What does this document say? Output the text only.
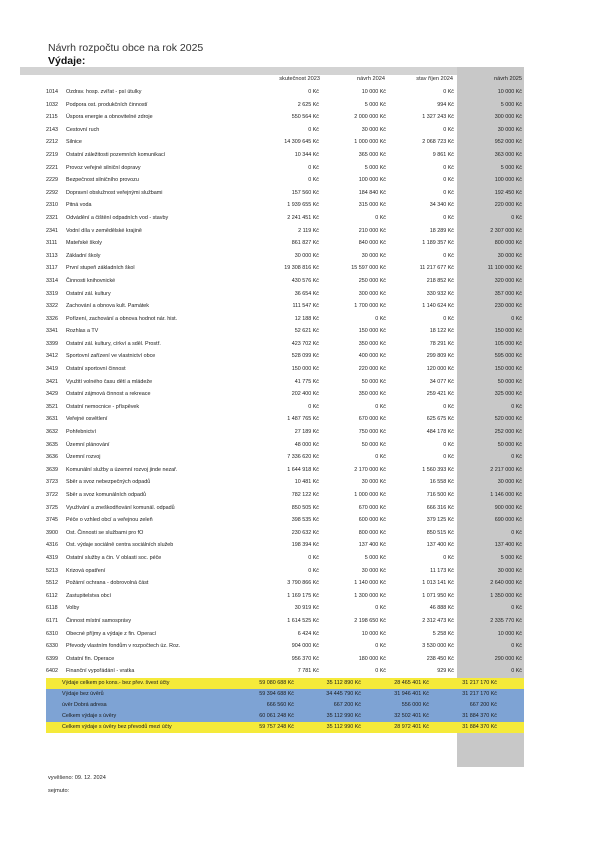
Návrh rozpočtu obce na rok 2025
Výdaje:
skutečnost 2023	návrh 2024	stav říjen 2024	návrh 2025
1014	Ozdrav. hosp. zvířat - psí útulky	0 Kč	10 000 Kč	0 Kč	10 000 Kč
1032	Podpora ost. produkčních činností	2 625 Kč	5 000 Kč	994 Kč	5 000 Kč
2115	Úspora energie a obnovitelné zdroje	550 564 Kč	2 000 000 Kč	1 327 243 Kč	300 000 Kč
2143	Cestovní ruch	0 Kč	30 000 Kč	0 Kč	30 000 Kč
2212	Silnice	14 309 645 Kč	1 000 000 Kč	2 068 723 Kč	952 000 Kč
2219	Ostatní záležitosti pozemních komunikací	10 344 Kč	365 000 Kč	9 861 Kč	363 000 Kč
2221	Provoz veřejné silniční dopravy	0 Kč	5 000 Kč	0 Kč	5 000 Kč
2229	Bezpečnost silničního provozu	0 Kč	100 000 Kč	0 Kč	100 000 Kč
2292	Dopravní obslužnost veřejnými službami	157 560 Kč	184 840 Kč	0 Kč	192 450 Kč
2310	Pitná voda	1 939 655 Kč	315 000 Kč	34 340 Kč	220 000 Kč
2321	Odvádění a čištění odpadních vod - stavby	2 241 451 Kč	0 Kč	0 Kč	0 Kč
2341	Vodní díla v zemědělské krajině	2 119 Kč	210 000 Kč	18 289 Kč	2 307 000 Kč
3111	Mateřské školy	861 827 Kč	840 000 Kč	1 189 357 Kč	800 000 Kč
3113	Základní školy	30 000 Kč	30 000 Kč	0 Kč	30 000 Kč
3117	První stupeň základních škol	19 308 816 Kč	15 597 000 Kč	11 217 677 Kč	11 100 000 Kč
3314	Činnosti knihovnické	430 576 Kč	250 000 Kč	218 852 Kč	320 000 Kč
3319	Ostatní zál. kultury	36 654 Kč	300 000 Kč	330 932 Kč	357 000 Kč
3322	Zachování a obnova kult. Památek	111 547 Kč	1 700 000 Kč	1 140 624 Kč	230 000 Kč
3326	Pořízení, zachování a obnova hodnot nár. hist.	12 188 Kč	0 Kč	0 Kč	0 Kč
3341	Rozhlas a TV	52 621 Kč	150 000 Kč	18 122 Kč	150 000 Kč
3399	Ostatní zál. kultury, církví a sděl. Prostř.	423 702 Kč	350 000 Kč	78 291 Kč	105 000 Kč
3412	Sportovní zařízení ve vlastnictví obce	528 099 Kč	400 000 Kč	299 809 Kč	595 000 Kč
3419	Ostatní sportovní činnost	150 000 Kč	220 000 Kč	120 000 Kč	150 000 Kč
3421	Využití volného času dětí a mládeže	41 775 Kč	50 000 Kč	34 077 Kč	50 000 Kč
3429	Ostatní zájmová činnost a rekreace	202 400 Kč	350 000 Kč	259 421 Kč	325 000 Kč
3521	Ostatní nemocnice - příspěvek	0 Kč	0 Kč	0 Kč	0 Kč
3631	Veřejné osvětlení	1 487 765 Kč	670 000 Kč	625 675 Kč	520 000 Kč
3632	Pohřebnictví	27 189 Kč	750 000 Kč	484 178 Kč	252 000 Kč
3635	Územní plánování	48 000 Kč	50 000 Kč	0 Kč	50 000 Kč
3636	Územní rozvoj	7 336 620 Kč	0 Kč	0 Kč	0 Kč
3639	Komunální služby a územní rozvoj jinde nezař.	1 644 918 Kč	2 170 000 Kč	1 560 393 Kč	2 217 000 Kč
3723	Sběr a svoz nebezpečných odpadů	10 481 Kč	30 000 Kč	16 558 Kč	30 000 Kč
3722	Sběr a svoz komunálních odpadů	782 122 Kč	1 000 000 Kč	716 500 Kč	1 146 000 Kč
3725	Využívání a zneškodňování komunál. odpadů	850 505 Kč	670 000 Kč	666 316 Kč	900 000 Kč
3745	Péče o vzhled obcí a veřejnou zeleň	398 535 Kč	600 000 Kč	379 125 Kč	690 000 Kč
3900	Ost. Činnosti se službami pro fO	230 632 Kč	800 000 Kč	850 515 Kč	0 Kč
4316	Ost. výdaje sociálně centra sociálních služeb	198 394 Kč	137 400 Kč	137 400 Kč	137 400 Kč
4319	Ostatní služby a čin. V oblasti soc. péče	0 Kč	5 000 Kč	0 Kč	5 000 Kč
5213	Krizová opatření	0 Kč	30 000 Kč	11 173 Kč	30 000 Kč
5512	Požární ochrana - dobrovolná část	3 790 866 Kč	1 140 000 Kč	1 013 141 Kč	2 640 000 Kč
6112	Zastupitelstva obcí	1 169 175 Kč	1 300 000 Kč	1 071 950 Kč	1 350 000 Kč
6118	Volby	30 919 Kč	0 Kč	46 888 Kč	0 Kč
6171	Činnost místní samosprávy	1 614 525 Kč	2 198 650 Kč	2 312 473 Kč	2 335 770 Kč
6310	Obecné příjmy a výdaje z fin. Operací	6 424 Kč	10 000 Kč	5 258 Kč	10 000 Kč
6330	Převody vlastním fondům v rozpočtech úz. Roz.	904 000 Kč	0 Kč	3 530 000 Kč	0 Kč
6399	Ostatní fin. Operace	956 370 Kč	180 000 Kč	238 450 Kč	290 000 Kč
6402	Finanční vypořádání - vratka	7 781 Kč	0 Kč	929 Kč	0 Kč
Výdaje celkem po kons.- bez přev. švest účty	59 080 688 Kč	35 112 890 Kč	28 465 401 Kč	31 217 170 Kč
Výdaje bez úvěrů	59 394 688 Kč	34 445 790 Kč	31 946 401 Kč	31 217 170 Kč
úvěr Dobrá adresa	666 560 Kč	667 200 Kč	556 000 Kč	667 200 Kč
Celkem výdaje s úvěry	60 061 248 Kč	35 112 990 Kč	32 502 401 Kč	31 884 370 Kč
Celkem výdaje s úvěry bez převodů mezi účty	59 757 248 Kč	35 112 990 Kč	28 972 401 Kč	31 884 370 Kč
vyvěšeno: 09. 12. 2024
sejmuto:
